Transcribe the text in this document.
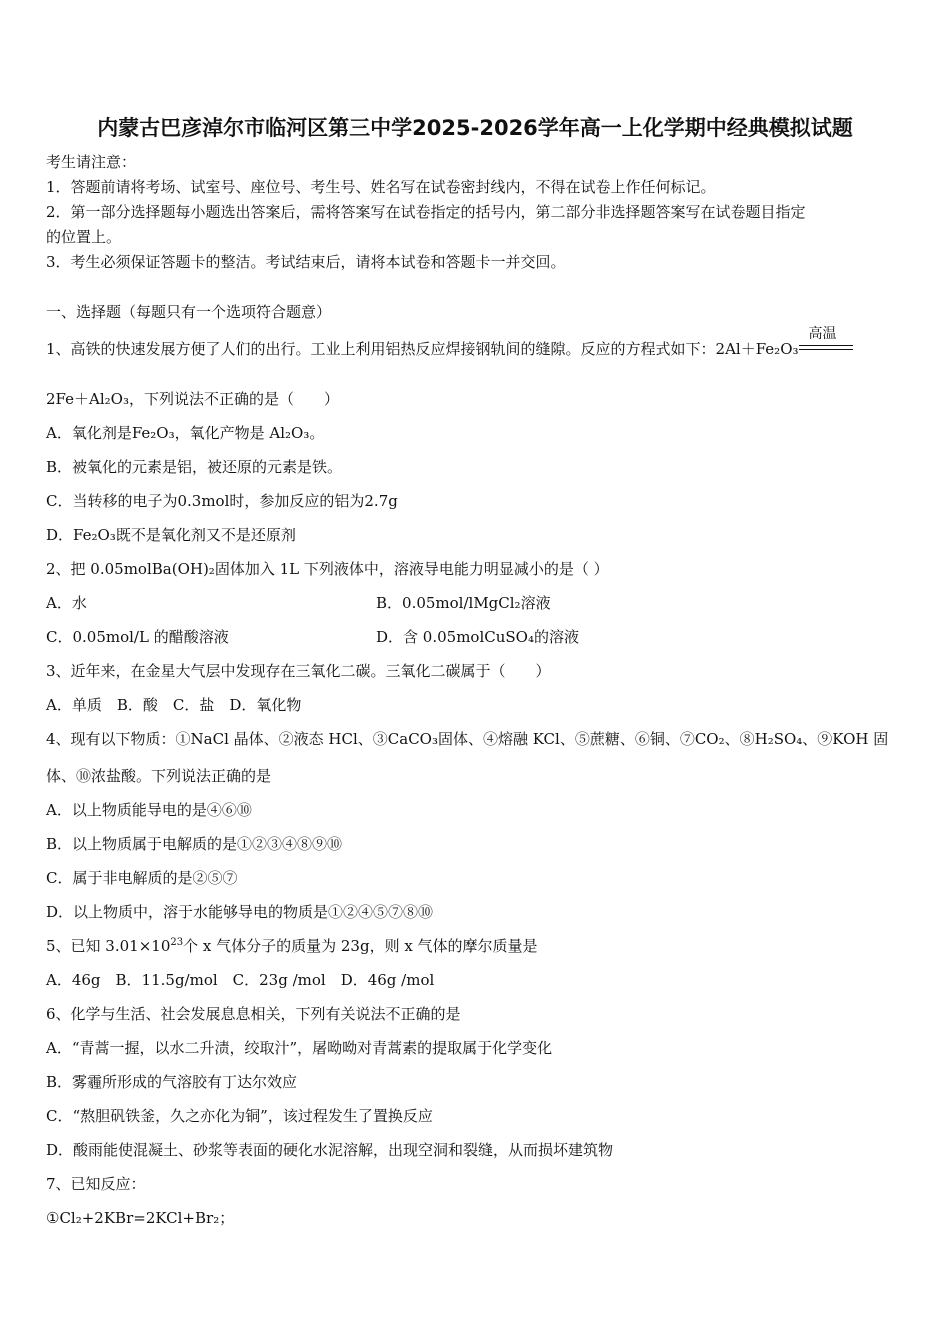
内蒙古巴彦淖尔市临河区第三中学2025-2026学年高一上化学期中经典模拟试题
考生请注意：
1．答题前请将考场、试室号、座位号、考生号、姓名写在试卷密封线内，不得在试卷上作任何标记。
2．第一部分选择题每小题选出答案后，需将答案写在试卷指定的括号内，第二部分非选择题答案写在试卷题目指定
的位置上。
3．考生必须保证答题卡的整洁。考试结束后，请将本试卷和答题卡一并交回。
一、选择题（每题只有一个选项符合题意）
1、高铁的快速发展方便了人们的出行。工业上利用铝热反应焊接钢轨间的缝隙。反应的方程式如下：2Al＋Fe₂O₃
高温
2Fe＋Al₂O₃，下列说法不正确的是（　　）
A．氧化剂是Fe₂O₃，氧化产物是 Al₂O₃。
B．被氧化的元素是铝，被还原的元素是铁。
C．当转移的电子为0.3mol时，参加反应的铝为2.7g
D．Fe₂O₃既不是氧化剂又不是还原剂
2、把 0.05molBa(OH)₂固体加入 1L 下列液体中，溶液导电能力明显减小的是（ ）
A．水	B．0.05mol/lMgCl₂溶液
C．0.05mol/L 的醋酸溶液	D．含 0.05molCuSO₄的溶液
3、近年来，在金星大气层中发现存在三氧化二碳。三氧化二碳属于（　　）
A．单质　B．酸　C．盐　D．氧化物
4、现有以下物质：①NaCl 晶体、②液态 HCl、③CaCO₃固体、④熔融 KCl、⑤蔗糖、⑥铜、⑦CO₂、⑧H₂SO₄、⑨KOH 固
体、⑩浓盐酸。下列说法正确的是
A．以上物质能导电的是④⑥⑩
B．以上物质属于电解质的是①②③④⑧⑨⑩
C．属于非电解质的是②⑤⑦
D．以上物质中，溶于水能够导电的物质是①②④⑤⑦⑧⑩
5、已知 $3.01\times 10^{23}$个 x 气体分子的质量为 23g，则 x 气体的摩尔质量是
A．46g　B．11.5g/mol　C．23g /mol　D．46g /mol
6、化学与生活、社会发展息息相关，下列有关说法不正确的是
A．“青蒿一握，以水二升渍，绞取汁”，屠呦呦对青蒿素的提取属于化学变化
B．雾霾所形成的气溶胶有丁达尔效应
C．“熬胆矾铁釜，久之亦化为铜”，该过程发生了置换反应
D．酸雨能使混凝土、砂浆等表面的硬化水泥溶解，出现空洞和裂缝，从而损坏建筑物
7、已知反应：
①Cl₂+2KBr=2KCl+Br₂；
